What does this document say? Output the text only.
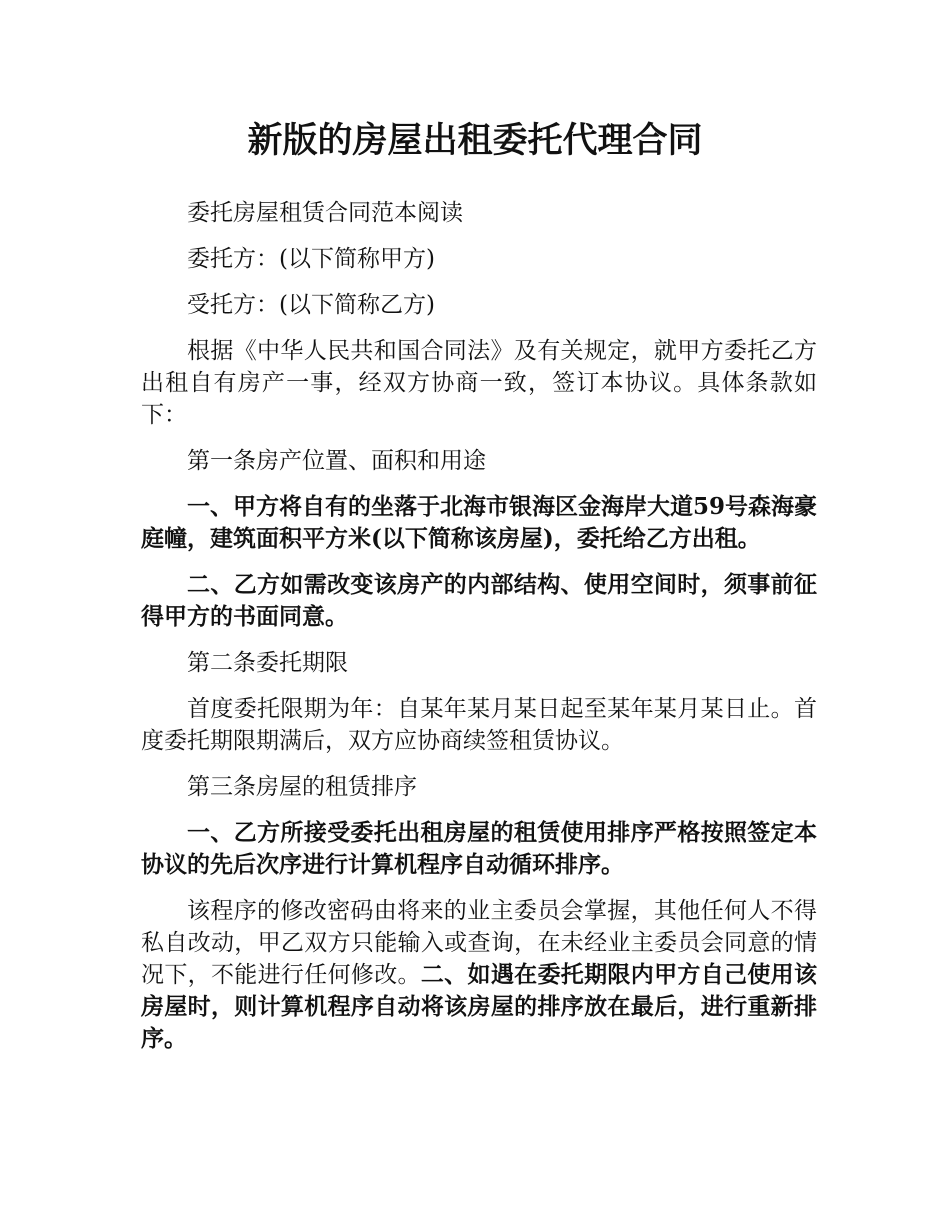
新版的房屋出租委托代理合同

委托房屋租赁合同范本阅读

委托方：(以下简称甲方)

受托方：(以下简称乙方)

根据《中华人民共和国合同法》及有关规定，就甲方委托乙方出租自有房产一事，经双方协商一致，签订本协议。具体条款如下：

第一条房产位置、面积和用途

一、甲方将自有的坐落于北海市银海区金海岸大道59号森海豪庭幢，建筑面积平方米(以下简称该房屋)，委托给乙方出租。

二、乙方如需改变该房产的内部结构、使用空间时，须事前征得甲方的书面同意。

第二条委托期限

首度委托限期为年：自某年某月某日起至某年某月某日止。首度委托期限期满后，双方应协商续签租赁协议。

第三条房屋的租赁排序

一、乙方所接受委托出租房屋的租赁使用排序严格按照签定本协议的先后次序进行计算机程序自动循环排序。

该程序的修改密码由将来的业主委员会掌握，其他任何人不得私自改动，甲乙双方只能输入或查询，在未经业主委员会同意的情况下，不能进行任何修改。二、如遇在委托期限内甲方自己使用该房屋时，则计算机程序自动将该房屋的排序放在最后，进行重新排序。
